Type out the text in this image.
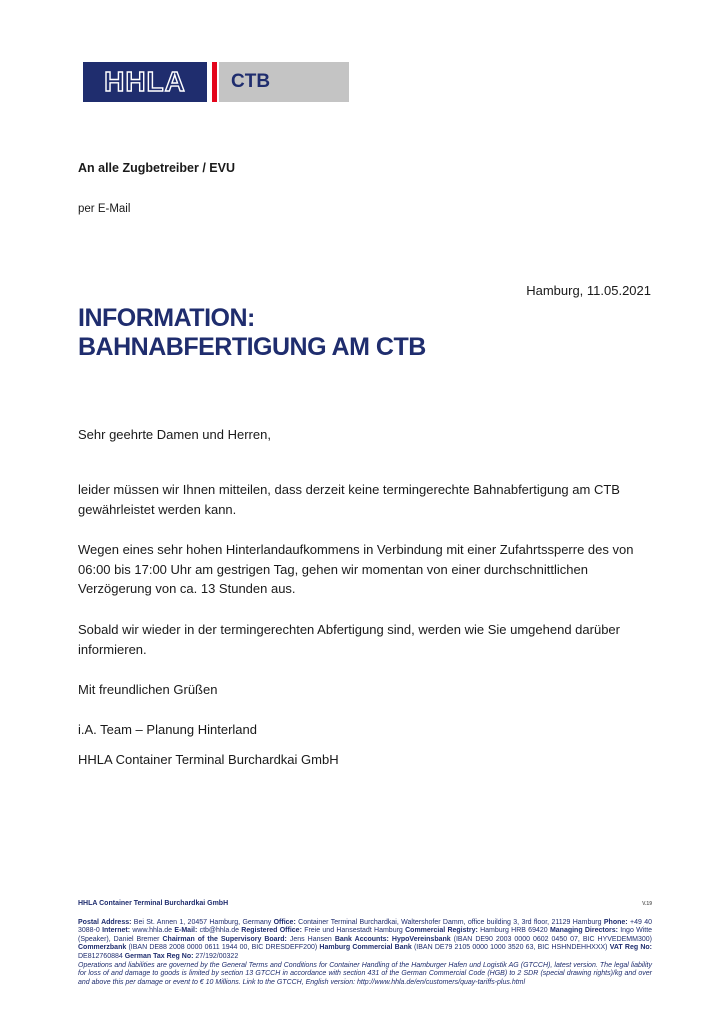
HHLA CTB
An alle Zugbetreiber / EVU
per E-Mail
Hamburg, 11.05.2021
INFORMATION:
BAHNABFERTIGUNG AM CTB
Sehr geehrte Damen und Herren,
leider müssen wir Ihnen mitteilen, dass derzeit keine termingerechte Bahnabfertigung am CTB gewährleistet werden kann.
Wegen eines sehr hohen Hinterlandaufkommens in Verbindung mit einer Zufahrtssperre des von 06:00 bis 17:00 Uhr am gestrigen Tag, gehen wir momentan von einer durchschnittlichen Verzögerung von ca. 13 Stunden aus.
Sobald wir wieder in der termingerechten Abfertigung sind, werden wie Sie umgehend darüber informieren.
Mit freundlichen Grüßen
i.A. Team – Planung Hinterland
HHLA Container Terminal Burchardkai GmbH
HHLA Container Terminal Burchardkai GmbH	V.19
Postal Address: Bei St. Annen 1, 20457 Hamburg, Germany Office: Container Terminal Burchardkai, Waltershofer Damm, office building 3, 3rd floor, 21129 Hamburg Phone: +49 40 3088-0 Internet: www.hhla.de E-Mail: ctb@hhla.de Registered Office: Freie und Hansestadt Hamburg Commercial Registry: Hamburg HRB 69420 Managing Directors: Ingo Witte (Speaker), Daniel Bremer Chairman of the Supervisory Board: Jens Hansen Bank Accounts: HypoVereinsbank (IBAN DE90 2003 0000 0602 0450 07, BIC HYVEDEMM300) Commerzbank (IBAN DE88 2008 0000 0611 1944 00, BIC DRESDEFF200) Hamburg Commercial Bank (IBAN DE79 2105 0000 1000 3520 63, BIC HSHNDEHHXXX) VAT Reg No: DE812760884 German Tax Reg No: 27/192/00322
Operations and liabilities are governed by the General Terms and Conditions for Container Handling of the Hamburger Hafen und Logistik AG (GTCCH), latest version. The legal liability for loss of and damage to goods is limited by section 13 GTCCH in accordance with section 431 of the German Commercial Code (HGB) to 2 SDR (special drawing rights)/kg and over and above this per damage or event to € 10 Millions. Link to the GTCCH, English version: http://www.hhla.de/en/customers/quay-tariffs-plus.html
